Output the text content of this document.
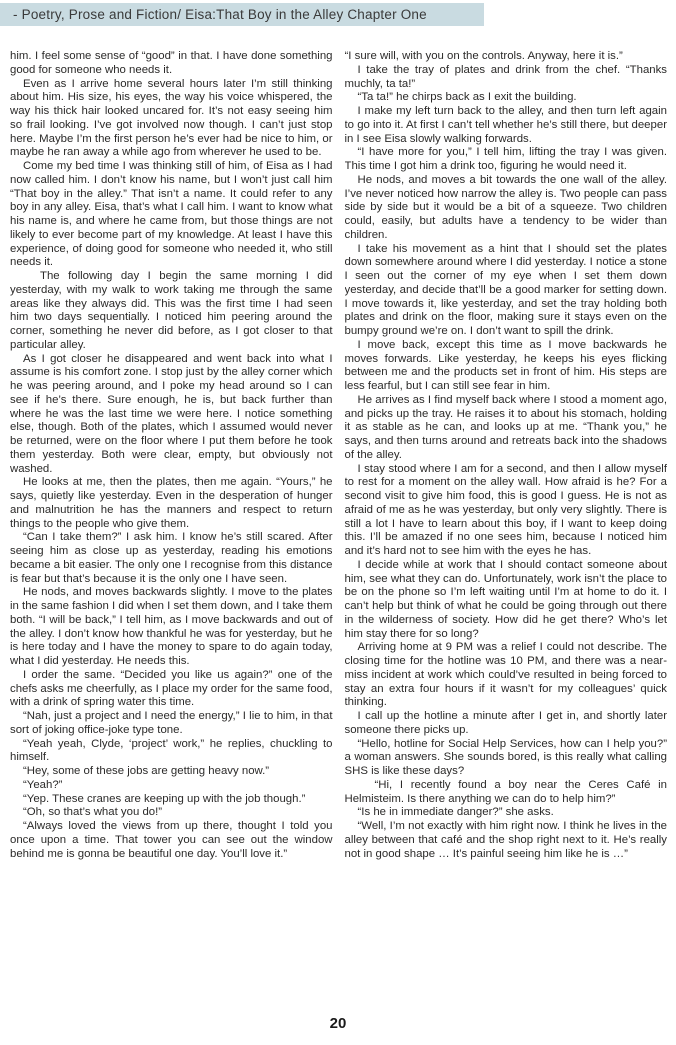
- Poetry, Prose and Fiction/ Eisa:That Boy in the Alley Chapter One

him. I feel some sense of “good” in that. I have done something good for someone who needs it.

Even as I arrive home several hours later I’m still thinking about him. His size, his eyes, the way his voice whispered, the way his thick hair looked uncared for. It’s not easy seeing him so frail looking. I’ve got involved now though. I can’t just stop here. Maybe I’m the first person he’s ever had be nice to him, or maybe he ran away a while ago from wherever he used to be.

Come my bed time I was thinking still of him, of Eisa as I had now called him. I don’t know his name, but I won’t just call him “That boy in the alley.” That isn’t a name. It could refer to any boy in any alley. Eisa, that’s what I call him. I want to know what his name is, and where he came from, but those things are not likely to ever become part of my knowledge. At least I have this experience, of doing good for someone who needed it, who still needs it.

The following day I begin the same morning I did yesterday, with my walk to work taking me through the same areas like they always did. This was the first time I had seen him two days sequentially. I noticed him peering around the corner, something he never did before, as I got closer to that particular alley.

As I got closer he disappeared and went back into what I assume is his comfort zone. I stop just by the alley corner which he was peering around, and I poke my head around so I can see if he’s there. Sure enough, he is, but back further than where he was the last time we were here. I notice something else, though. Both of the plates, which I assumed would never be returned, were on the floor where I put them before he took them yesterday. Both were clear, empty, but obviously not washed.

He looks at me, then the plates, then me again. “Yours,” he says, quietly like yesterday. Even in the desperation of hunger and malnutrition he has the manners and respect to return things to the people who give them.

“Can I take them?” I ask him. I know he’s still scared. After seeing him as close up as yesterday, reading his emotions became a bit easier. The only one I recognise from this distance is fear but that’s because it is the only one I have seen.

He nods, and moves backwards slightly. I move to the plates in the same fashion I did when I set them down, and I take them both. “I will be back,” I tell him, as I move backwards and out of the alley. I don’t know how thankful he was for yesterday, but he is here today and I have the money to spare to do again today, what I did yesterday. He needs this.

I order the same. “Decided you like us again?” one of the chefs asks me cheerfully, as I place my order for the same food, with a drink of spring water this time.

“Nah, just a project and I need the energy,” I lie to him, in that sort of joking office-joke type tone.

“Yeah yeah, Clyde, ‘project’ work,” he replies, chuckling to himself.

“Hey, some of these jobs are getting heavy now.”

“Yeah?”

“Yep. These cranes are keeping up with the job though.”

“Oh, so that’s what you do!”

“Always loved the views from up there, thought I told you once upon a time. That tower you can see out the window behind me is gonna be beautiful one day. You’ll love it.”

“I sure will, with you on the controls. Anyway, here it is.”

I take the tray of plates and drink from the chef. “Thanks muchly, ta ta!”

“Ta ta!” he chirps back as I exit the building.

I make my left turn back to the alley, and then turn left again to go into it. At first I can’t tell whether he’s still there, but deeper in I see Eisa slowly walking forwards.

“I have more for you,” I tell him, lifting the tray I was given. This time I got him a drink too, figuring he would need it.

He nods, and moves a bit towards the one wall of the alley. I’ve never noticed how narrow the alley is. Two people can pass side by side but it would be a bit of a squeeze. Two children could, easily, but adults have a tendency to be wider than children.

I take his movement as a hint that I should set the plates down somewhere around where I did yesterday. I notice a stone I seen out the corner of my eye when I set them down yesterday, and decide that’ll be a good marker for setting down. I move towards it, like yesterday, and set the tray holding both plates and drink on the floor, making sure it stays even on the bumpy ground we’re on. I don’t want to spill the drink.

I move back, except this time as I move backwards he moves forwards. Like yesterday, he keeps his eyes flicking between me and the products set in front of him. His steps are less fearful, but I can still see fear in him.

He arrives as I find myself back where I stood a moment ago, and picks up the tray. He raises it to about his stomach, holding it as stable as he can, and looks up at me. “Thank you,” he says, and then turns around and retreats back into the shadows of the alley.

I stay stood where I am for a second, and then I allow myself to rest for a moment on the alley wall. How afraid is he? For a second visit to give him food, this is good I guess. He is not as afraid of me as he was yesterday, but only very slightly. There is still a lot I have to learn about this boy, if I want to keep doing this. I’ll be amazed if no one sees him, because I noticed him and it’s hard not to see him with the eyes he has.

I decide while at work that I should contact someone about him, see what they can do. Unfortunately, work isn’t the place to be on the phone so I’m left waiting until I’m at home to do it. I can’t help but think of what he could be going through out there in the wilderness of society. How did he get there? Who’s let him stay there for so long?

Arriving home at 9 PM was a relief I could not describe. The closing time for the hotline was 10 PM, and there was a near-miss incident at work which could’ve resulted in being forced to stay an extra four hours if it wasn’t for my colleagues’ quick thinking.

I call up the hotline a minute after I get in, and shortly later someone there picks up.

“Hello, hotline for Social Help Services, how can I help you?” a woman answers. She sounds bored, is this really what calling SHS is like these days?

“Hi, I recently found a boy near the Ceres Café in Helmisteim. Is there anything we can do to help him?”

“Is he in immediate danger?” she asks.

“Well, I’m not exactly with him right now. I think he lives in the alley between that café and the shop right next to it. He’s really not in good shape … It’s painful seeing him like he is …”

20
